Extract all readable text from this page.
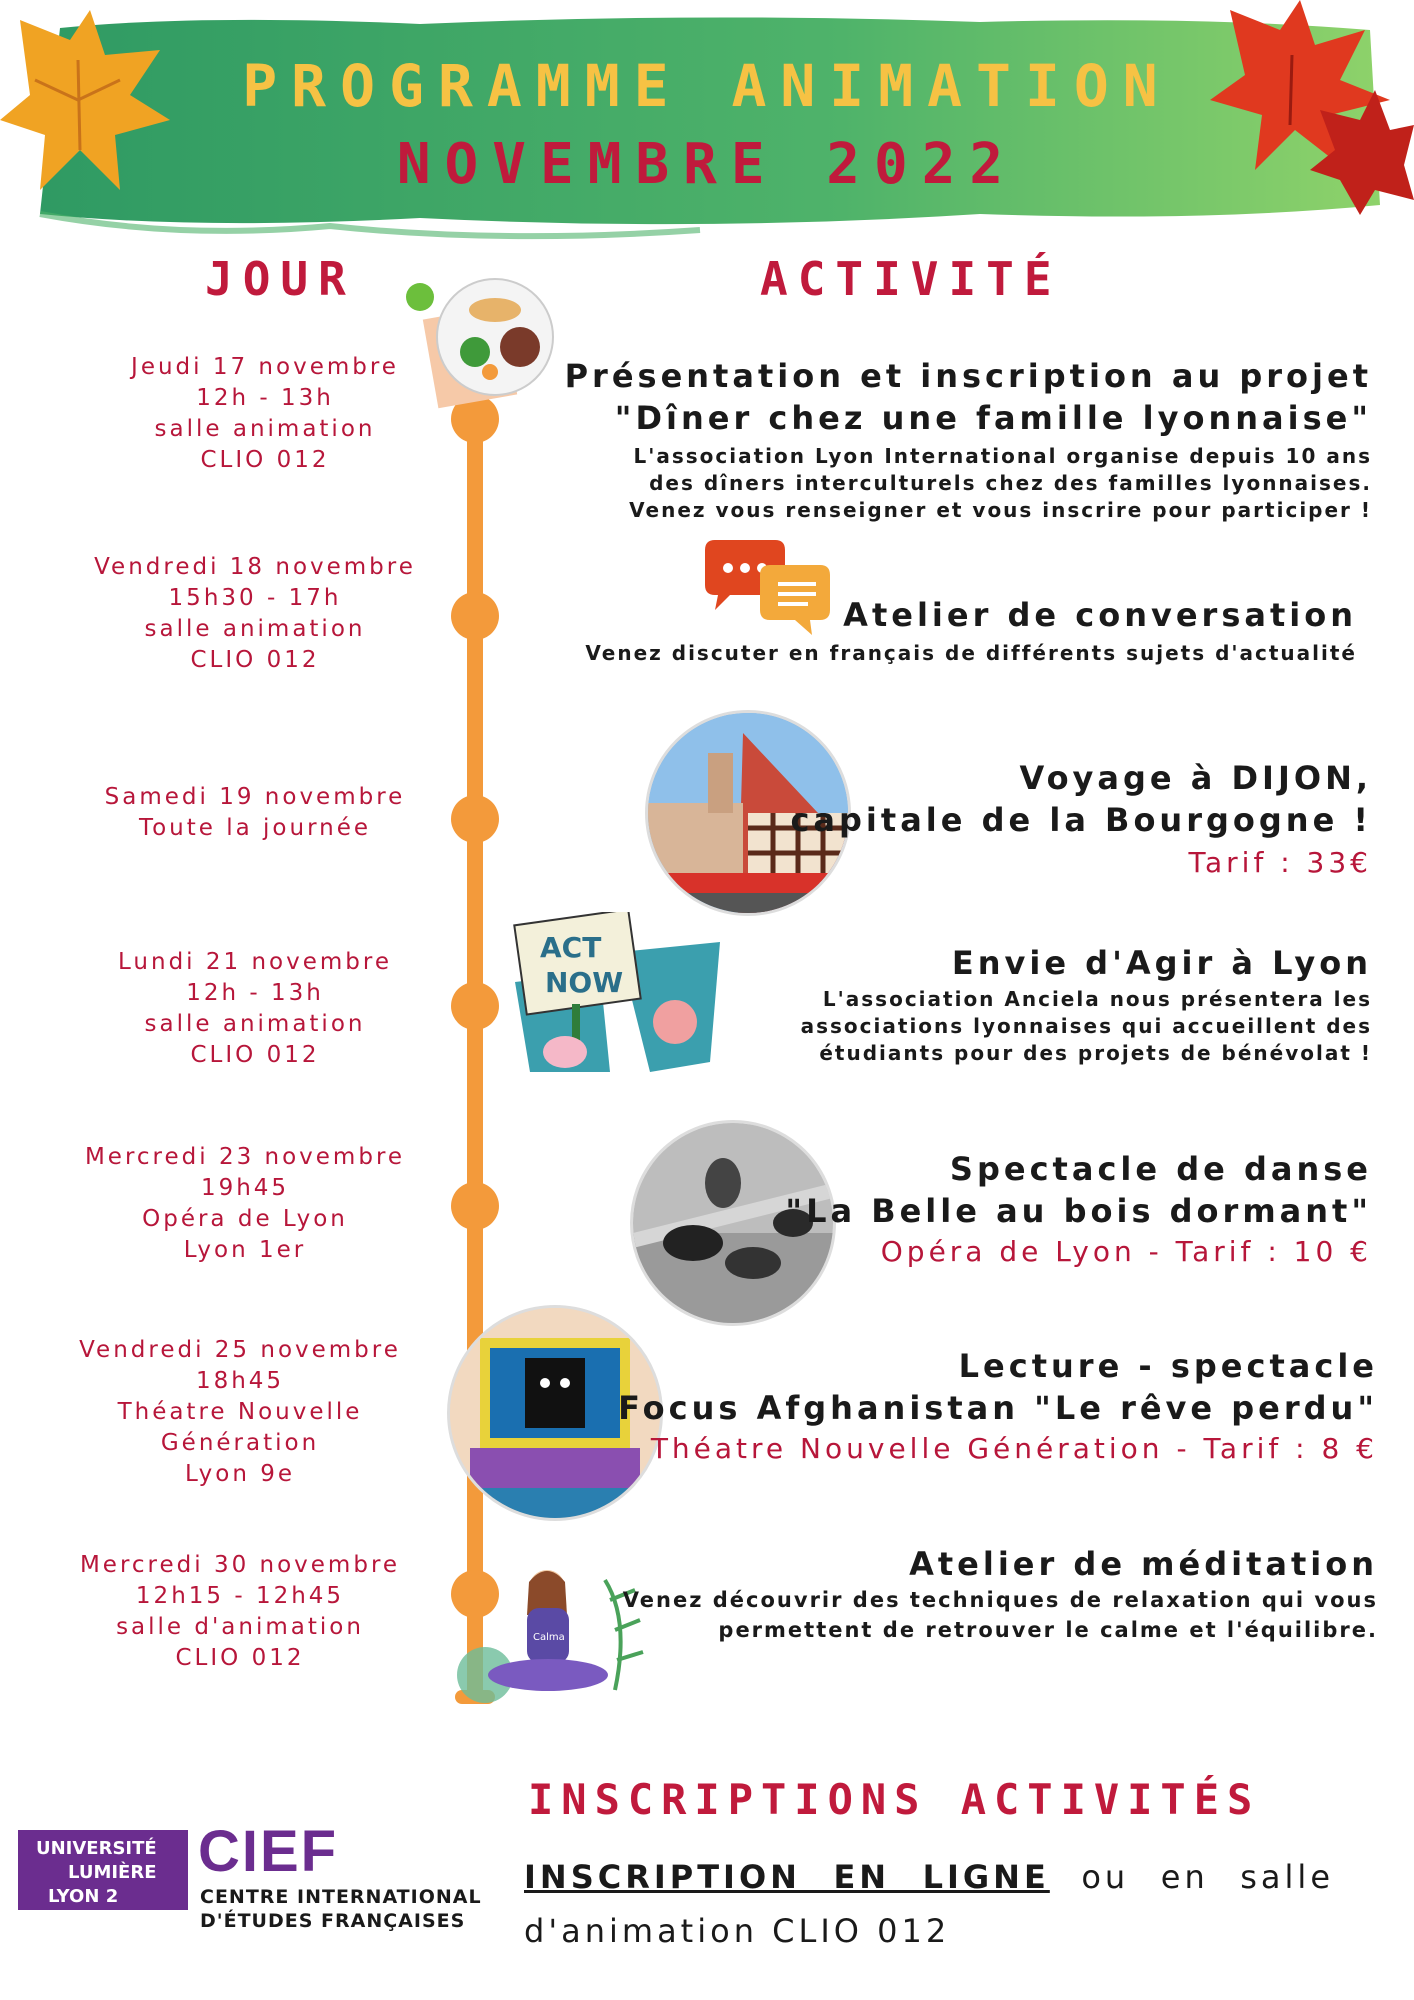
PROGRAMME ANIMATION
NOVEMBRE 2022
JOUR	ACTIVITÉ
Jeudi 17 novembre
12h - 13h
salle animation
CLIO 012
Vendredi 18 novembre
15h30 - 17h
salle animation
CLIO 012
Samedi 19 novembre
Toute la journée
Lundi 21 novembre
12h - 13h
salle animation
CLIO 012
Mercredi 23 novembre
19h45
Opéra de Lyon
Lyon 1er
Vendredi 25 novembre
18h45
Théatre Nouvelle
Génération
Lyon 9e
Mercredi 30 novembre
12h15 - 12h45
salle d'animation
CLIO 012
ACT
NOW
Calma
Présentation et inscription au projet
"Dîner chez une famille lyonnaise"
L'association Lyon International organise depuis 10 ans
des dîners interculturels chez des familles lyonnaises.
Venez vous renseigner et vous inscrire pour participer !
Atelier de conversation
Venez discuter en français de différents sujets d'actualité
Voyage à DIJON,
capitale de la Bourgogne !
Tarif : 33€
Envie d'Agir à Lyon
L'association Anciela nous présentera les
associations lyonnaises qui accueillent des
étudiants pour des projets de bénévolat !
Spectacle de danse
"La Belle au bois dormant"
Opéra de Lyon - Tarif : 10 €
Lecture - spectacle
Focus Afghanistan "Le rêve perdu"
Théatre Nouvelle Génération - Tarif : 8 €
Atelier de méditation
Venez découvrir des techniques de relaxation qui vous
permettent de retrouver le calme et l'équilibre.
UNIVERSITÉ
LUMIÈRE
LYON 2
CIEF
CENTRE INTERNATIONAL
D'ÉTUDES FRANÇAISES
INSCRIPTIONS ACTIVITÉS
INSCRIPTION EN LIGNE ou en salle d'animation CLIO 012
